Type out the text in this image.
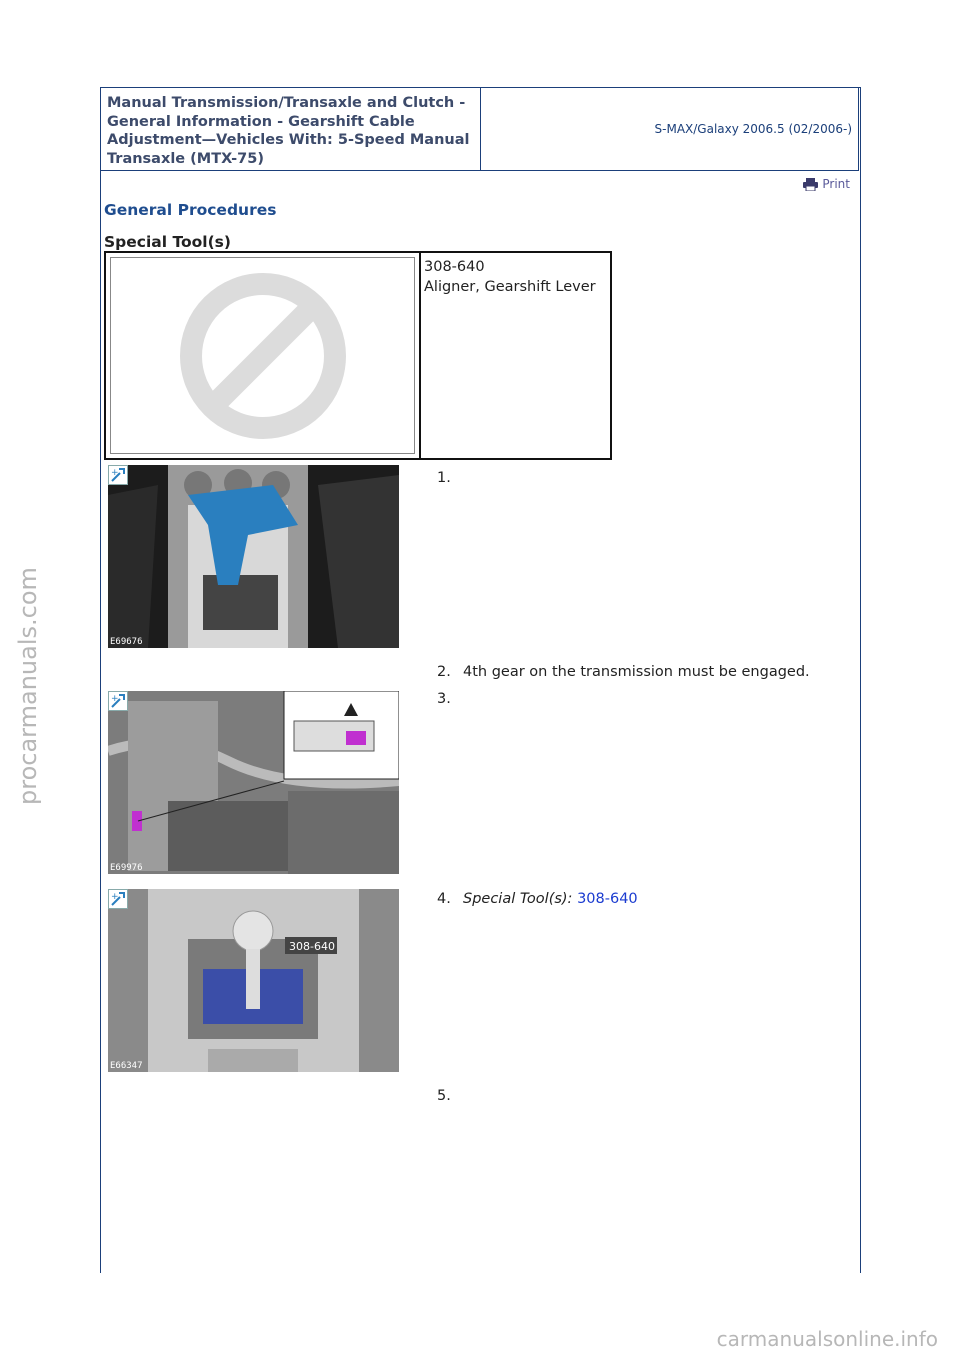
Manual Transmission/Transaxle and Clutch - General Information - Gearshift Cable Adjustment—Vehicles With: 5-Speed Manual Transaxle (MTX-75)
S-MAX/Galaxy 2006.5 (02/2006-)
Print
General Procedures
Special Tool(s)
308-640
Aligner, Gearshift Lever
+
E69676
1.
2. 4th gear on the transmission must be engaged.
+
E69976
3.
308-640
+
E66347
4. Special Tool(s): 308-640
5.
procarmanuals.com
carmanualsonline.info
